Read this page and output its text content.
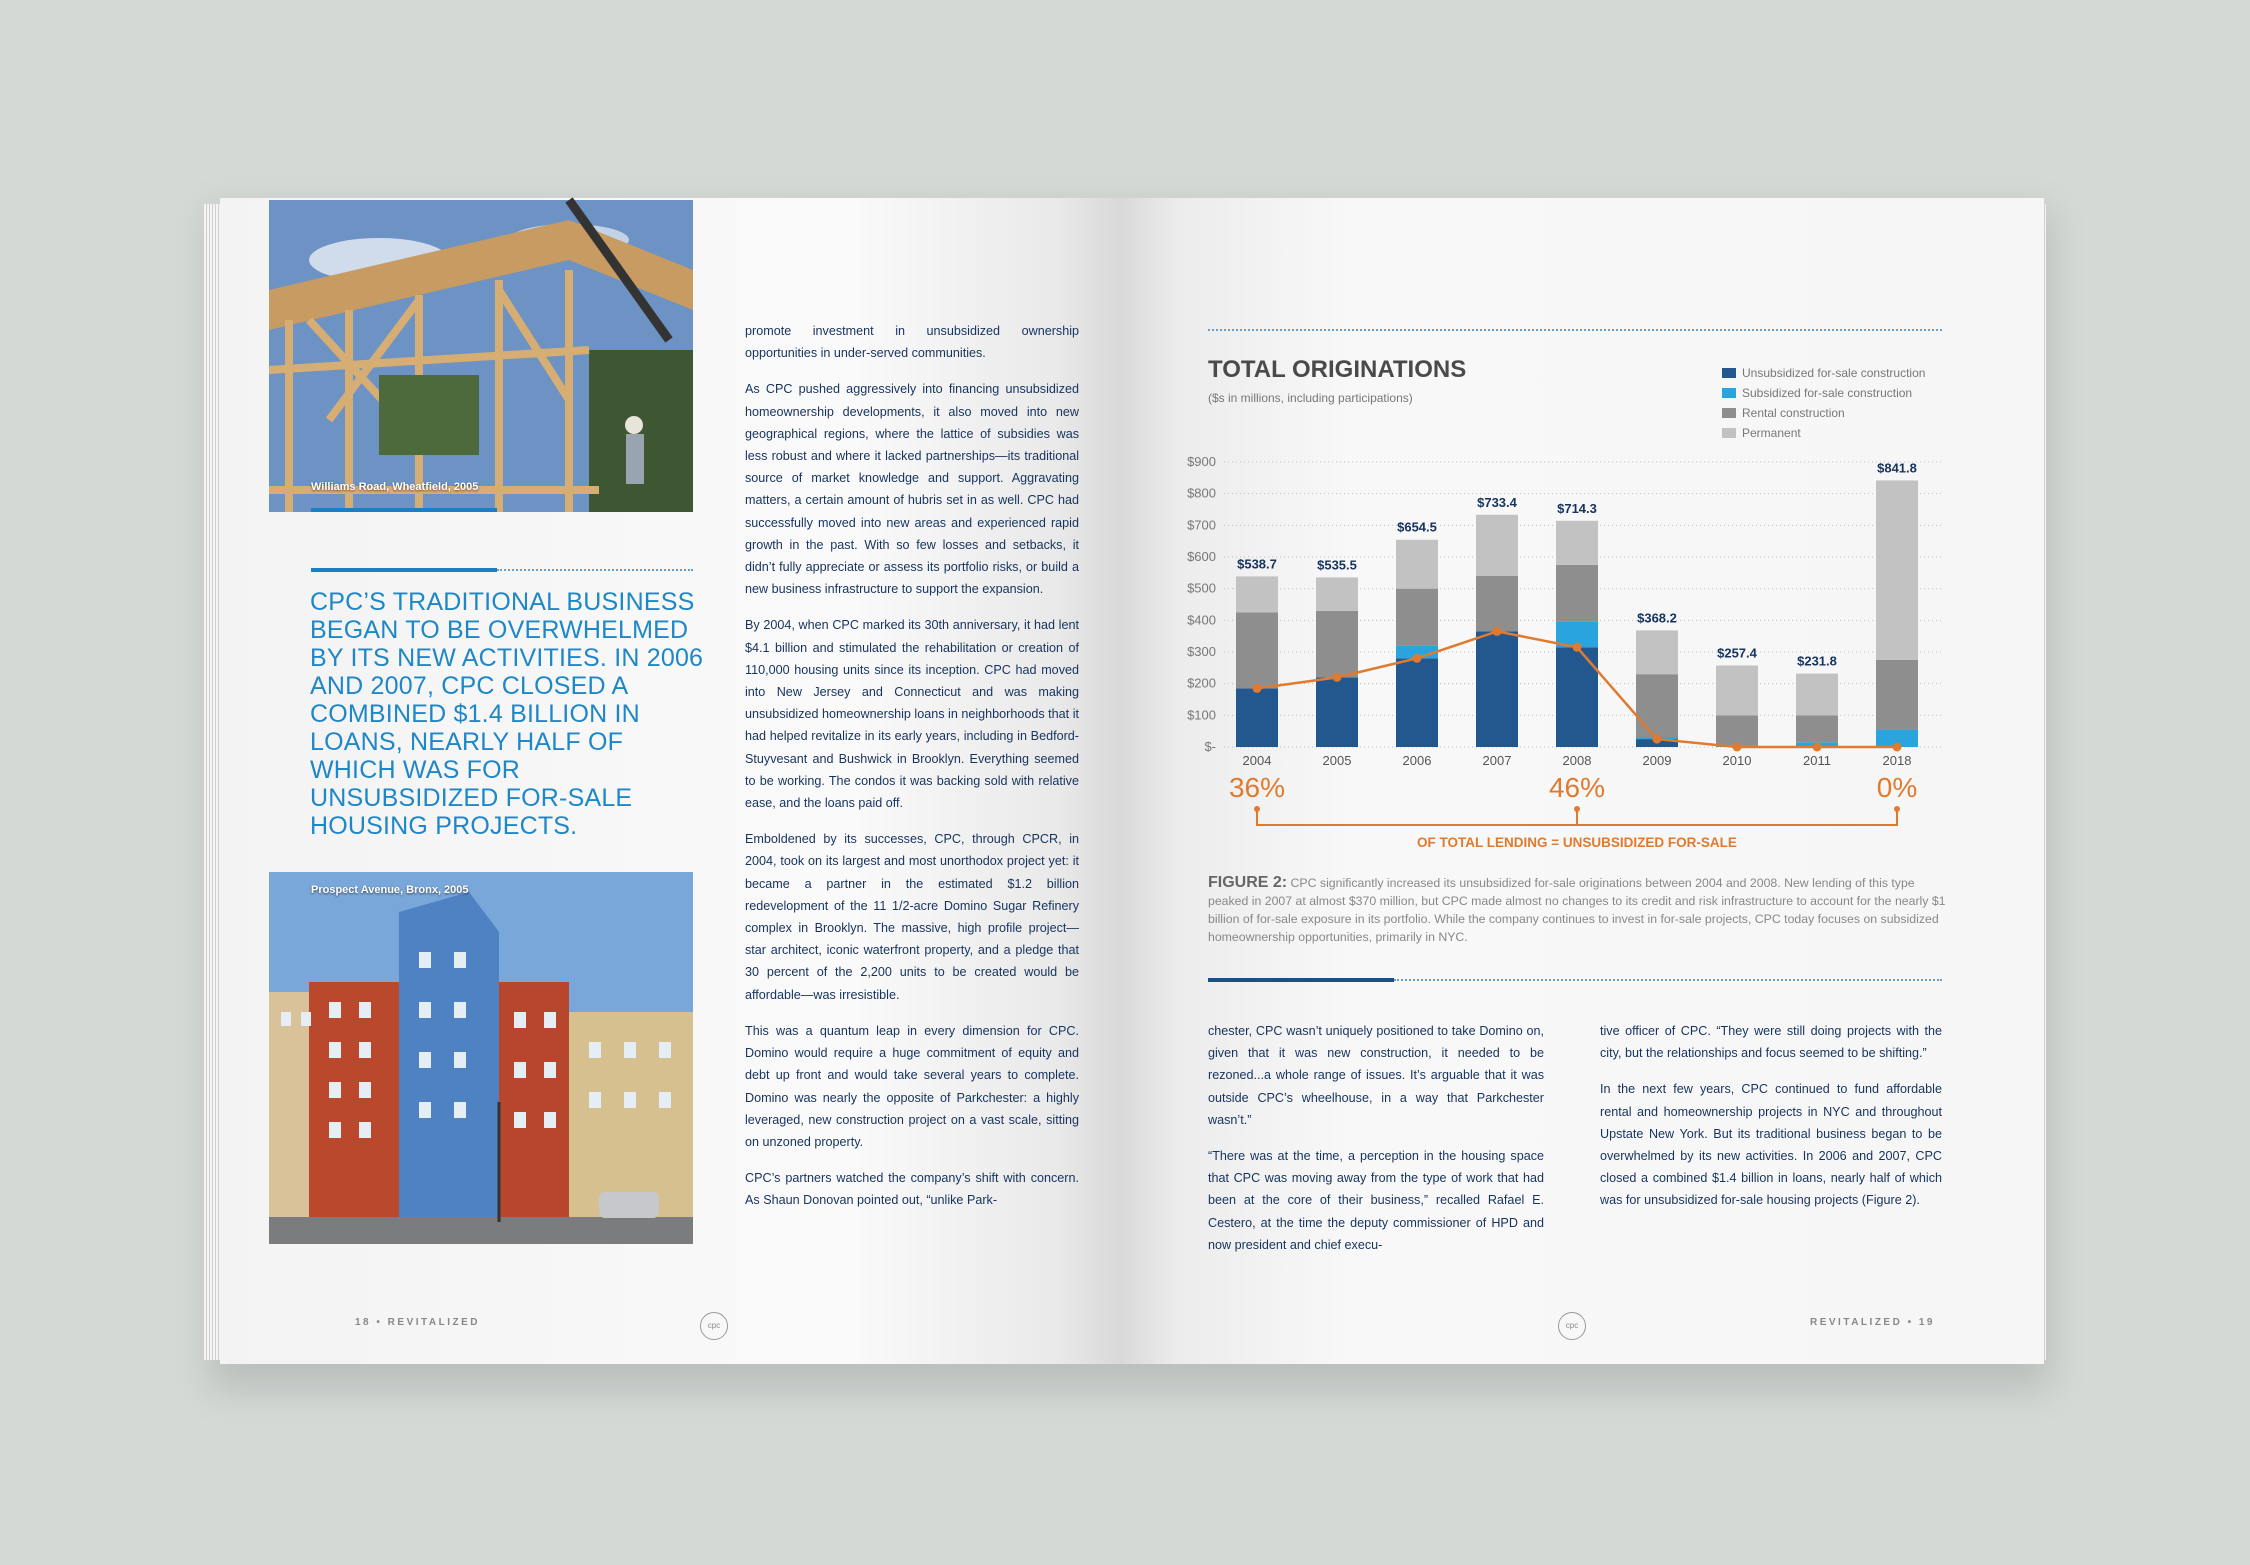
Williams Road, Wheatfield, 2005
CPC’S TRADITIONAL BUSINESS BEGAN TO BE OVERWHELMED BY ITS NEW ACTIVITIES. IN 2006 AND 2007, CPC CLOSED A COMBINED $1.4 BILLION IN LOANS, NEARLY HALF OF WHICH WAS FOR UNSUBSIDIZED FOR-SALE HOUSING PROJECTS.
Prospect Avenue, Bronx, 2005

promote investment in unsubsidized ownership opportunities in under-served communities.

As CPC pushed aggressively into financing unsubsidized homeownership developments, it also moved into new geographical regions, where the lattice of subsidies was less robust and where it lacked partnerships—its traditional source of market knowledge and support. Aggravating matters, a certain amount of hubris set in as well. CPC had successfully moved into new areas and experienced rapid growth in the past. With so few losses and setbacks, it didn’t fully appreciate or assess its portfolio risks, or build a new business infrastructure to support the expansion.

By 2004, when CPC marked its 30th anniversary, it had lent $4.1 billion and stimulated the rehabilitation or creation of 110,000 housing units since its inception. CPC had moved into New Jersey and Connecticut and was making unsubsidized homeownership loans in neighborhoods that it had helped revitalize in its early years, including in Bedford-Stuyvesant and Bushwick in Brooklyn. Everything seemed to be working. The condos it was backing sold with relative ease, and the loans paid off.

Emboldened by its successes, CPC, through CPCR, in 2004, took on its largest and most unorthodox project yet: it became a partner in the estimated $1.2 billion redevelopment of the 11 1/2-acre Domino Sugar Refinery complex in Brooklyn. The massive, high profile project—star architect, iconic waterfront property, and a pledge that 30 percent of the 2,200 units to be created would be affordable—was irresistible.

This was a quantum leap in every dimension for CPC. Domino would require a huge commitment of equity and debt up front and would take several years to complete. Domino was nearly the opposite of Parkchester: a highly leveraged, new construction project on a vast scale, sitting on unzoned property.

CPC’s partners watched the company’s shift with concern. As Shaun Donovan pointed out, “unlike Park-

18 • REVITALIZED	cpc
TOTAL ORIGINATIONS
($s in millions, including participations)
Unsubsidized for-sale construction
Subsidized for-sale construction
Rental construction
Permanent
$900
$800
$700
$600
$500
$400
$300
$200
$100
$-
$538.7
2004
$535.5
2005
$654.5
2006
$733.4
2007
$714.3
2008
$368.2
2009
$257.4
2010
$231.8
2011
$841.8
2018
36%	46%	0%
OF TOTAL LENDING = UNSUBSIDIZED FOR-SALE
FIGURE 2: CPC significantly increased its unsubsidized for-sale originations between 2004 and 2008. New lending of this type peaked in 2007 at almost $370 million, but CPC made almost no changes to its credit and risk infrastructure to account for the nearly $1 billion of for-sale exposure in its portfolio. While the company continues to invest in for-sale projects, CPC today focuses on subsidized homeownership opportunities, primarily in NYC.

chester, CPC wasn’t uniquely positioned to take Domino on, given that it was new construction, it needed to be rezoned...a whole range of issues. It’s arguable that it was outside CPC’s wheelhouse, in a way that Parkchester wasn’t.”

“There was at the time, a perception in the housing space that CPC was moving away from the type of work that had been at the core of their business,” recalled Rafael E. Cestero, at the time the deputy commissioner of HPD and now president and chief execu-

tive officer of CPC. “They were still doing projects with the city, but the relationships and focus seemed to be shifting.”

In the next few years, CPC continued to fund affordable rental and homeownership projects in NYC and throughout Upstate New York. But its traditional business began to be overwhelmed by its new activities. In 2006 and 2007, CPC closed a combined $1.4 billion in loans, nearly half of which was for unsubsidized for-sale housing projects (Figure 2).

cpc	REVITALIZED • 19
